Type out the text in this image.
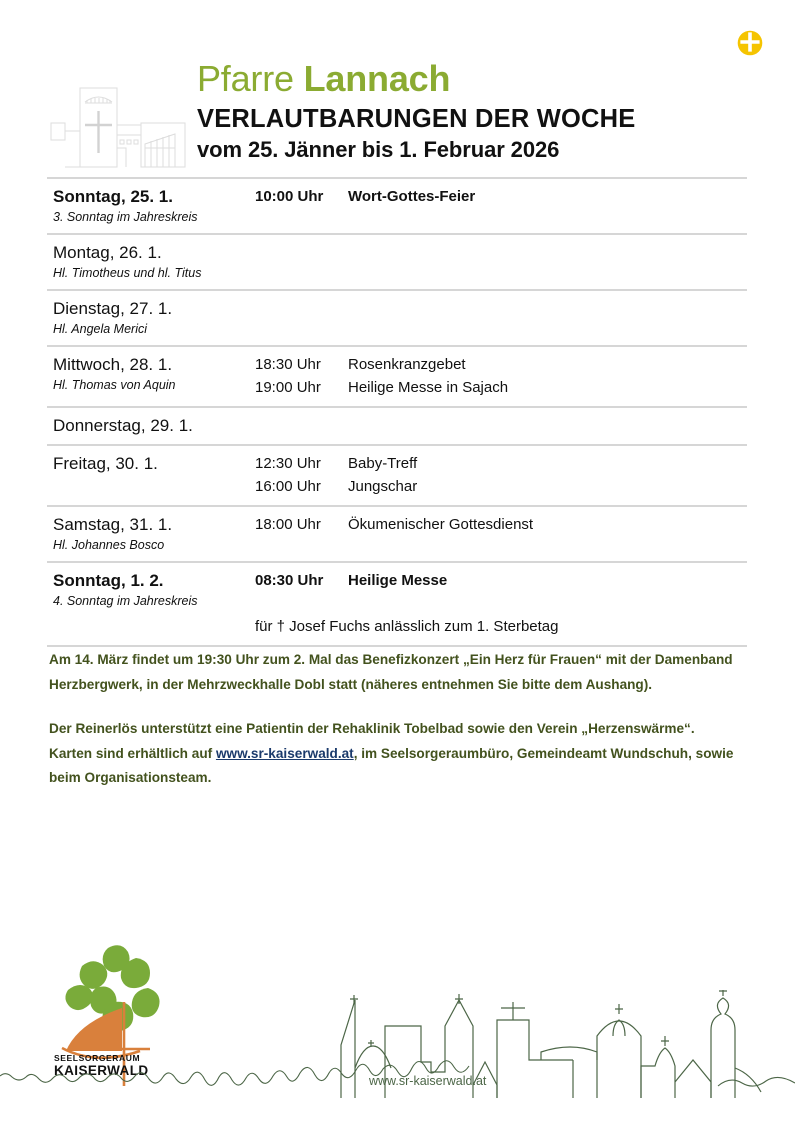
Pfarre Lannach
VERLAUTBARUNGEN DER WOCHE
vom 25. Jänner bis 1. Februar 2026
Sonntag, 25. 1.
3. Sonntag im Jahreskreis
10:00 Uhr	Wort-Gottes-Feier
Montag, 26. 1.
Hl. Timotheus und hl. Titus
Dienstag, 27. 1.
Hl. Angela Merici
Mittwoch, 28. 1.
Hl. Thomas von Aquin
18:30 Uhr	Rosenkranzgebet
19:00 Uhr	Heilige Messe in Sajach
Donnerstag, 29. 1.
Freitag, 30. 1.	12:30 Uhr	Baby-Treff
16:00 Uhr	Jungschar
Samstag, 31. 1.
Hl. Johannes Bosco
18:00 Uhr	Ökumenischer Gottesdienst
Sonntag, 1. 2.
4. Sonntag im Jahreskreis
08:30 Uhr	Heilige Messe
für † Josef Fuchs anlässlich zum 1. Sterbetag

Am 14. März findet um 19:30 Uhr zum 2. Mal das Benefizkonzert „Ein Herz für Frauen“ mit der Damenband Herzbergwerk, in der Mehrzweckhalle Dobl statt (näheres entnehmen Sie bitte dem Aushang).

Der Reinerlös unterstützt eine Patientin der Rehaklinik Tobelbad sowie den Verein „Herzenswärme“.
Karten sind erhältlich auf www.sr-kaiserwald.at, im Seelsorgeraumbüro, Gemeindeamt Wundschuh, sowie beim Organisationsteam.

SEELSORGERAUM
KAISERWALD
www.sr-kaiserwald.at
